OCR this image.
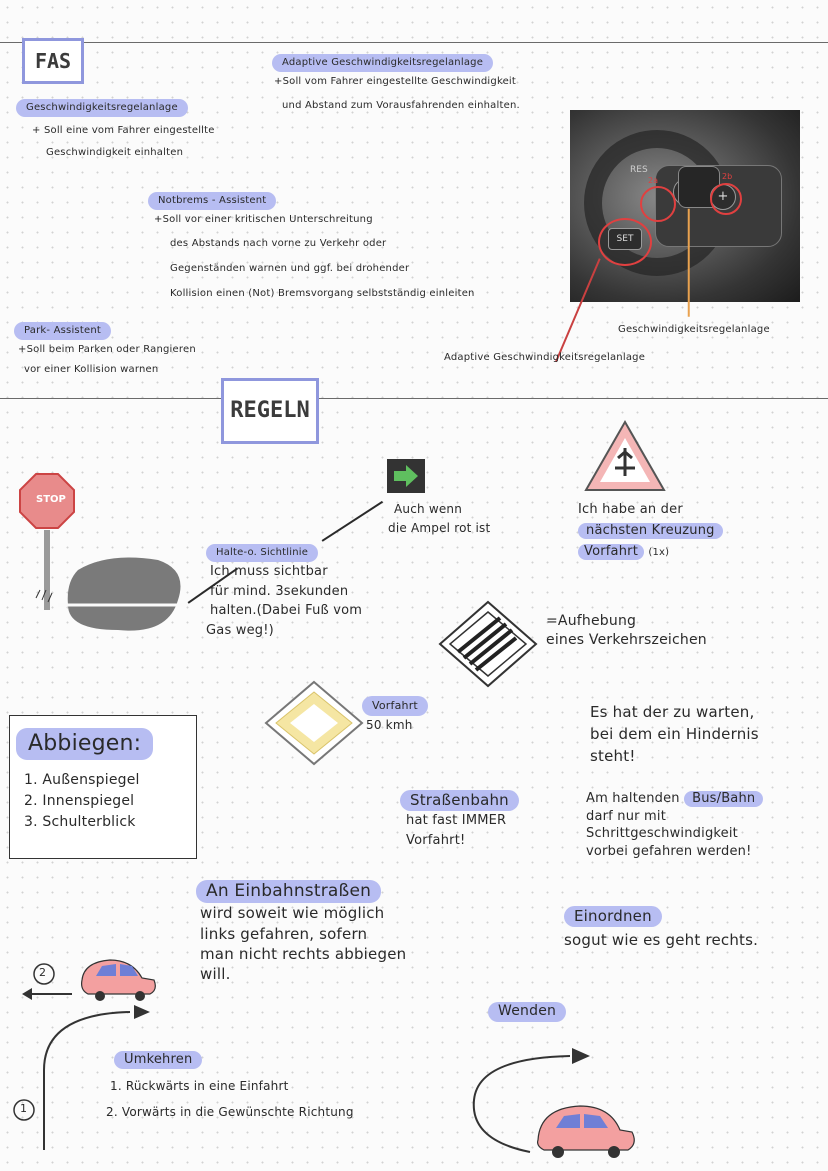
FAS
Geschwindigkeitsregelanlage
+ Soll eine vom Fahrer eingestellte
Geschwindigkeit einhalten
Adaptive Geschwindigkeitsregelanlage
+Soll vom Fahrer eingestellte Geschwindigkeit
und Abstand zum Vorausfahrenden einhalten.
Notbrems - Assistent
+Soll vor einer kritischen Unterschreitung
des Abstands nach vorne zu Verkehr oder
Gegenständen warnen und ggf. bei drohender
Kollision einen (Not) Bremsvorgang selbstständig einleiten
Park- Assistent
+Soll beim Parken oder Rangieren
vor einer Kollision warnen
RES
+
SET
2a	2b
Geschwindigkeitsregelanlage
Adaptive Geschwindigkeitsregelanlage
REGELN
STOP
Halte-o. Sichtlinie
Ich muss sichtbar
für mind. 3sekunden
halten.(Dabei Fuß vom
Gas weg!)
Auch wenn
die Ampel rot ist
Ich habe an der
nächsten Kreuzung
Vorfahrt (1x)
=Aufhebung
eines Verkehrszeichen
Vorfahrt
50 kmh
Es hat der zu warten,
bei dem ein Hindernis
steht!
Abbiegen:
1. Außenspiegel
2. Innenspiegel
3. Schulterblick
Straßenbahn
hat fast IMMER
Vorfahrt!
Am haltenden Bus/Bahn
darf nur mit
Schrittgeschwindigkeit
vorbei gefahren werden!
An Einbahnstraßen
wird soweit wie möglich
links gefahren, sofern
man nicht rechts abbiegen
will.
Einordnen
sogut wie es geht rechts.
Wenden
2
1
Umkehren
1. Rückwärts in eine Einfahrt
2. Vorwärts in die Gewünschte Richtung
